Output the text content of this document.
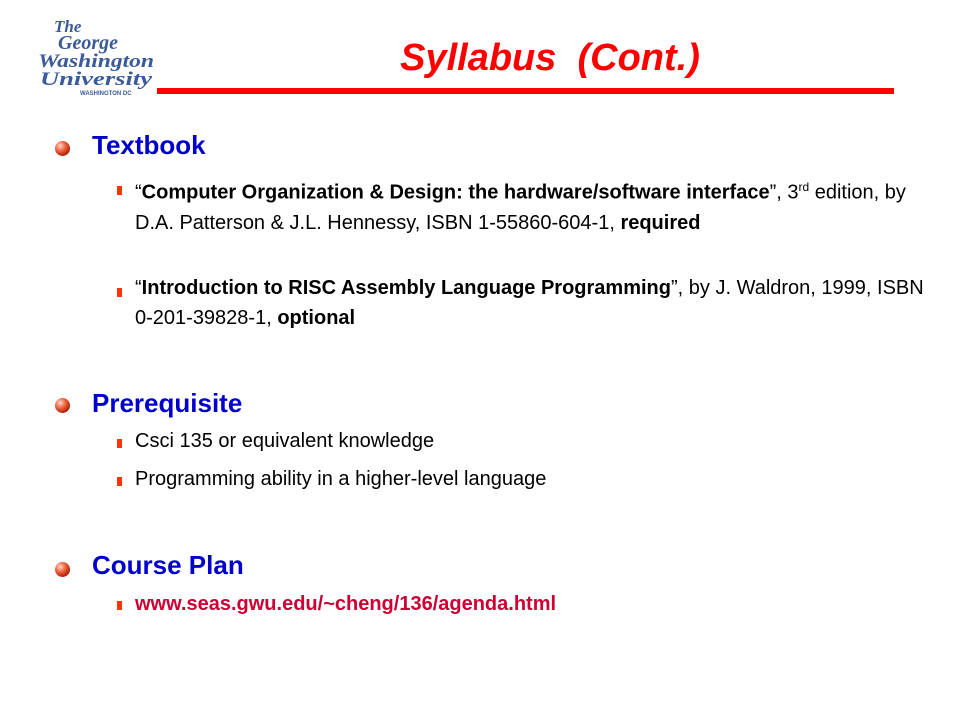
The
George
Washington
University
WASHINGTON DC
Syllabus  (Cont.)
Textbook
“Computer Organization & Design: the hardware/software interface”, 3rd edition, by D.A. Patterson & J.L. Hennessy, ISBN 1-55860-604-1, required
“Introduction to RISC Assembly Language Programming”, by J. Waldron, 1999, ISBN 0-201-39828-1, optional
Prerequisite
Csci 135 or equivalent knowledge
Programming ability in a higher-level language
Course Plan
www.seas.gwu.edu/~cheng/136/agenda.html
